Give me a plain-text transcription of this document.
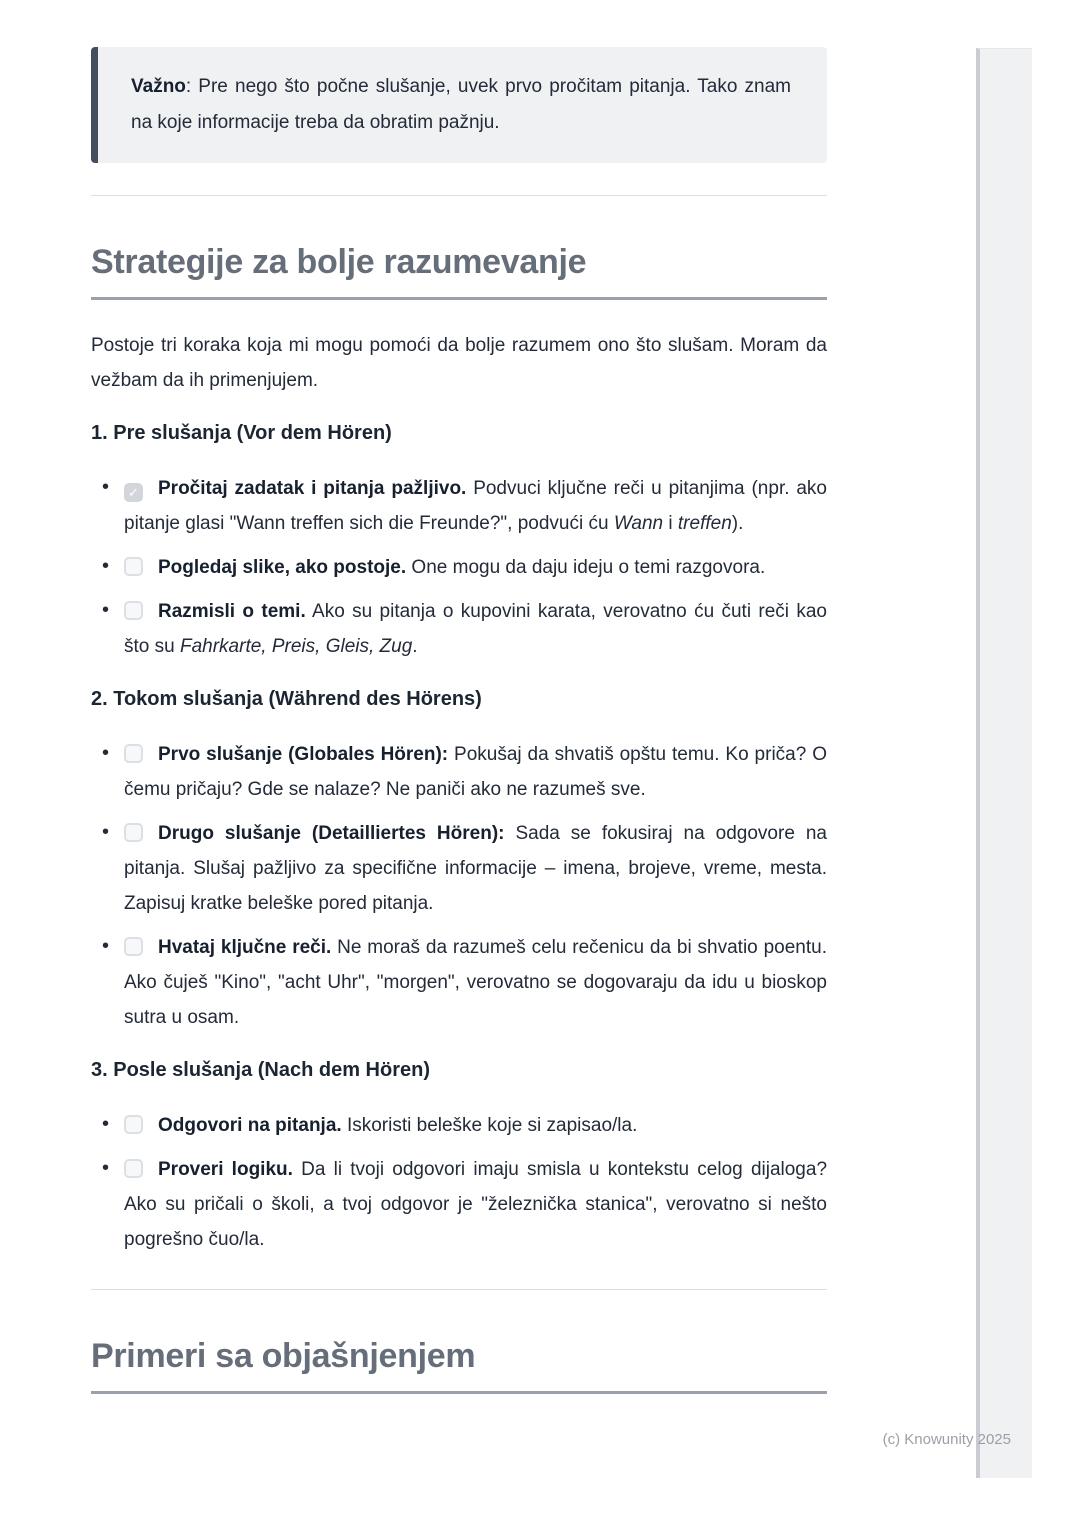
Važno: Pre nego što počne slušanje, uvek prvo pročitam pitanja. Tako znam na koje informacije treba da obratim pažnju.
Strategije za bolje razumevanje

Postoje tri koraka koja mi mogu pomoći da bolje razumem ono što slušam. Moram da vežbam da ih primenjujem.

1. Pre slušanja (Vor dem Hören)
• ✓ Pročitaj zadatak i pitanja pažljivo. Podvuci ključne reči u pitanjima (npr. ako pitanje glasi "Wann treffen sich die Freunde?", podvući ću Wann i treffen).
•	Pogledaj slike, ako postoje. One mogu da daju ideju o temi razgovora.
•	Razmisli o temi. Ako su pitanja o kupovini karata, verovatno ću čuti reči kao što su Fahrkarte, Preis, Gleis, Zug.
2. Tokom slušanja (Während des Hörens)
•	Prvo slušanje (Globales Hören): Pokušaj da shvatiš opštu temu. Ko priča? O čemu pričaju? Gde se nalaze? Ne paniči ako ne razumeš sve.
•	Drugo slušanje (Detailliertes Hören): Sada se fokusiraj na odgovore na pitanja. Slušaj pažljivo za specifične informacije – imena, brojeve, vreme, mesta. Zapisuj kratke beleške pored pitanja.
•	Hvataj ključne reči. Ne moraš da razumeš celu rečenicu da bi shvatio poentu. Ako čuješ "Kino", "acht Uhr", "morgen", verovatno se dogovaraju da idu u bioskop sutra u osam.
3. Posle slušanja (Nach dem Hören)
•	Odgovori na pitanja. Iskoristi beleške koje si zapisao/la.
•	Proveri logiku. Da li tvoji odgovori imaju smisla u kontekstu celog dijaloga? Ako su pričali o školi, a tvoj odgovor je "železnička stanica", verovatno si nešto pogrešno čuo/la.
Primeri sa objašnjenjem
(c) Knowunity 2025
